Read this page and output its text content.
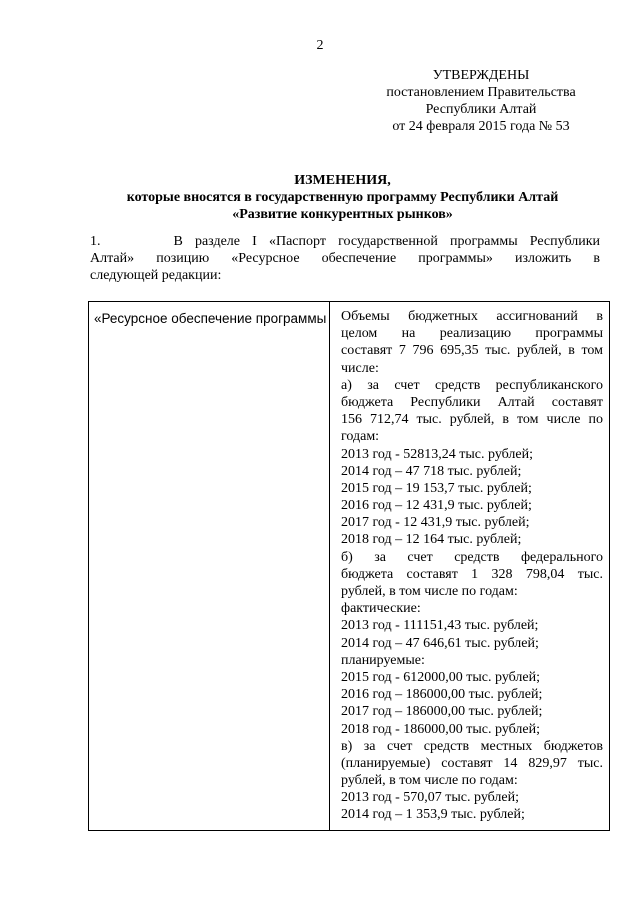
2
УТВЕРЖДЕНЫ
постановлением Правительства
Республики Алтай
от 24 февраля 2015 года № 53
ИЗМЕНЕНИЯ,
которые вносятся в государственную программу Республики Алтай
«Развитие конкурентных рынков»
1.      В разделе I «Паспорт государственной программы Республики
Алтай»  позицию  «Ресурсное  обеспечение  программы»  изложить  в
следующей редакции:
«Ресурсное обеспечение программы Объемы бюджетных ассигнований в
целом на реализацию программы
составят 7 796 695,35 тыс. рублей, в том
числе:
а) за счет средств республиканского
бюджета Республики Алтай составят
156 712,74 тыс. рублей, в том числе по
годам:
2013 год - 52813,24 тыс. рублей;
2014 год – 47 718 тыс. рублей;
2015 год – 19 153,7 тыс. рублей;
2016 год – 12 431,9 тыс. рублей;
2017 год - 12 431,9 тыс. рублей;
2018 год – 12 164 тыс. рублей;
б) за счет средств федерального
бюджета составят 1 328 798,04 тыс.
рублей, в том числе по годам:
фактические:
2013 год - 111151,43 тыс. рублей;
2014 год – 47 646,61 тыс. рублей;
планируемые:
2015 год - 612000,00 тыс. рублей;
2016 год – 186000,00 тыс. рублей;
2017 год – 186000,00 тыс. рублей;
2018 год - 186000,00 тыс. рублей;
в) за счет средств местных бюджетов
(планируемые) составят 14 829,97 тыс.
рублей, в том числе по годам:
2013 год - 570,07 тыс. рублей;
2014 год – 1 353,9 тыс. рублей;
